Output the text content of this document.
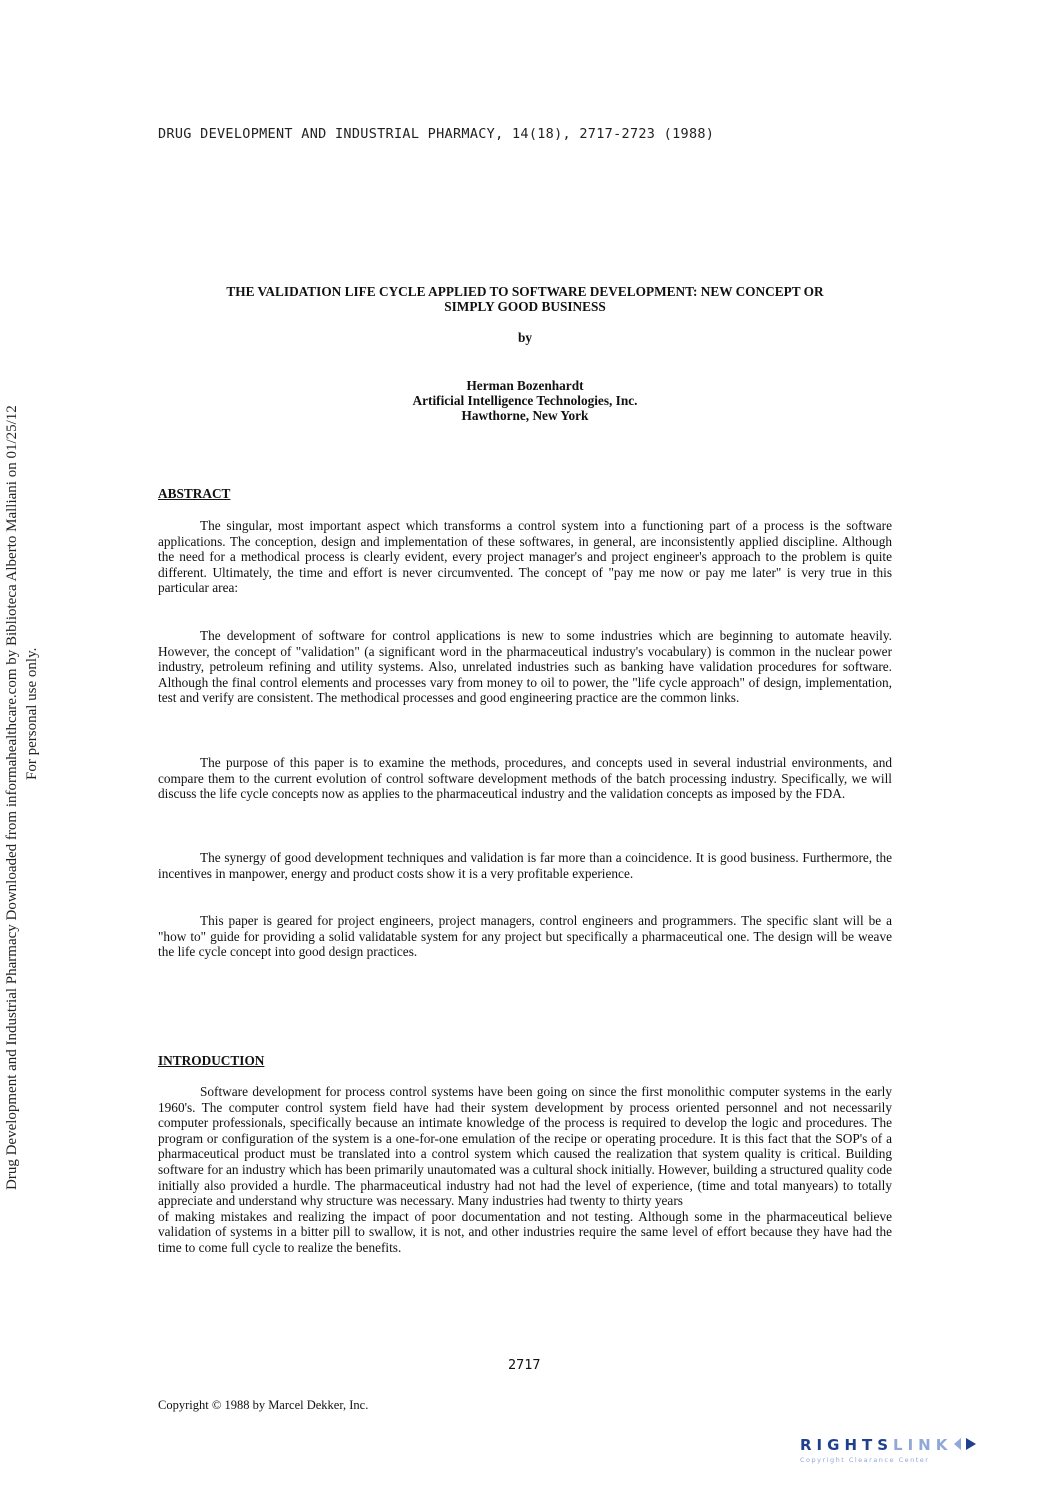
DRUG DEVELOPMENT AND INDUSTRIAL PHARMACY, 14(18), 2717-2723 (1988)
Drug Development and Industrial Pharmacy Downloaded from informahealthcare.com by Biblioteca Alberto Malliani on 01/25/12 For personal use only.
THE VALIDATION LIFE CYCLE APPLIED TO SOFTWARE DEVELOPMENT: NEW CONCEPT OR
SIMPLY GOOD BUSINESS
by
Herman Bozenhardt
Artificial Intelligence Technologies, Inc.
Hawthorne, New York
ABSTRACT
The singular, most important aspect which transforms a control system into a functioning part of a process is the software applications. The conception, design and implementation of these softwares, in general, are inconsistently applied discipline. Although the need for a methodical process is clearly evident, every project manager's and project engineer's approach to the problem is quite different. Ultimately, the time and effort is never circumvented. The concept of "pay me now or pay me later" is very true in this particular area:
The development of software for control applications is new to some industries which are beginning to automate heavily. However, the concept of "validation" (a significant word in the pharmaceutical industry's vocabulary) is common in the nuclear power industry, petroleum refining and utility systems. Also, unrelated industries such as banking have validation procedures for software. Although the final control elements and processes vary from money to oil to power, the "life cycle approach" of design, implementation, test and verify are consistent. The methodical processes and good engineering practice are the common links.
The purpose of this paper is to examine the methods, procedures, and concepts used in several industrial environments, and compare them to the current evolution of control software development methods of the batch processing industry. Specifically, we will discuss the life cycle concepts now as applies to the pharmaceutical industry and the validation concepts as imposed by the FDA.
The synergy of good development techniques and validation is far more than a coincidence. It is good business. Furthermore, the incentives in manpower, energy and product costs show it is a very profitable experience.
This paper is geared for project engineers, project managers, control engineers and programmers. The specific slant will be a "how to" guide for providing a solid validatable system for any project but specifically a pharmaceutical one. The design will be weave the life cycle concept into good design practices.
INTRODUCTION

Software development for process control systems have been going on since the first monolithic computer systems in the early 1960's. The computer control system field have had their system development by process oriented personnel and not necessarily computer professionals, specifically because an intimate knowledge of the process is required to develop the logic and procedures. The program or configuration of the system is a one-for-one emulation of the recipe or operating procedure. It is this fact that the SOP's of a pharmaceutical product must be translated into a control system which caused the realization that system quality is critical. Building software for an industry which has been primarily unautomated was a cultural shock initially. However, building a structured quality code initially also provided a hurdle. The pharmaceutical industry had not had the level of experience, (time and total manyears) to totally appreciate and understand why structure was necessary. Many industries had twenty to thirty years

of making mistakes and realizing the impact of poor documentation and not testing. Although some in the pharmaceutical believe validation of systems in a bitter pill to swallow, it is not, and other industries require the same level of effort because they have had the time to come full cycle to realize the benefits.

2717
Copyright © 1988 by Marcel Dekker, Inc.
RIGHTSLINK
Copyright Clearance Center
